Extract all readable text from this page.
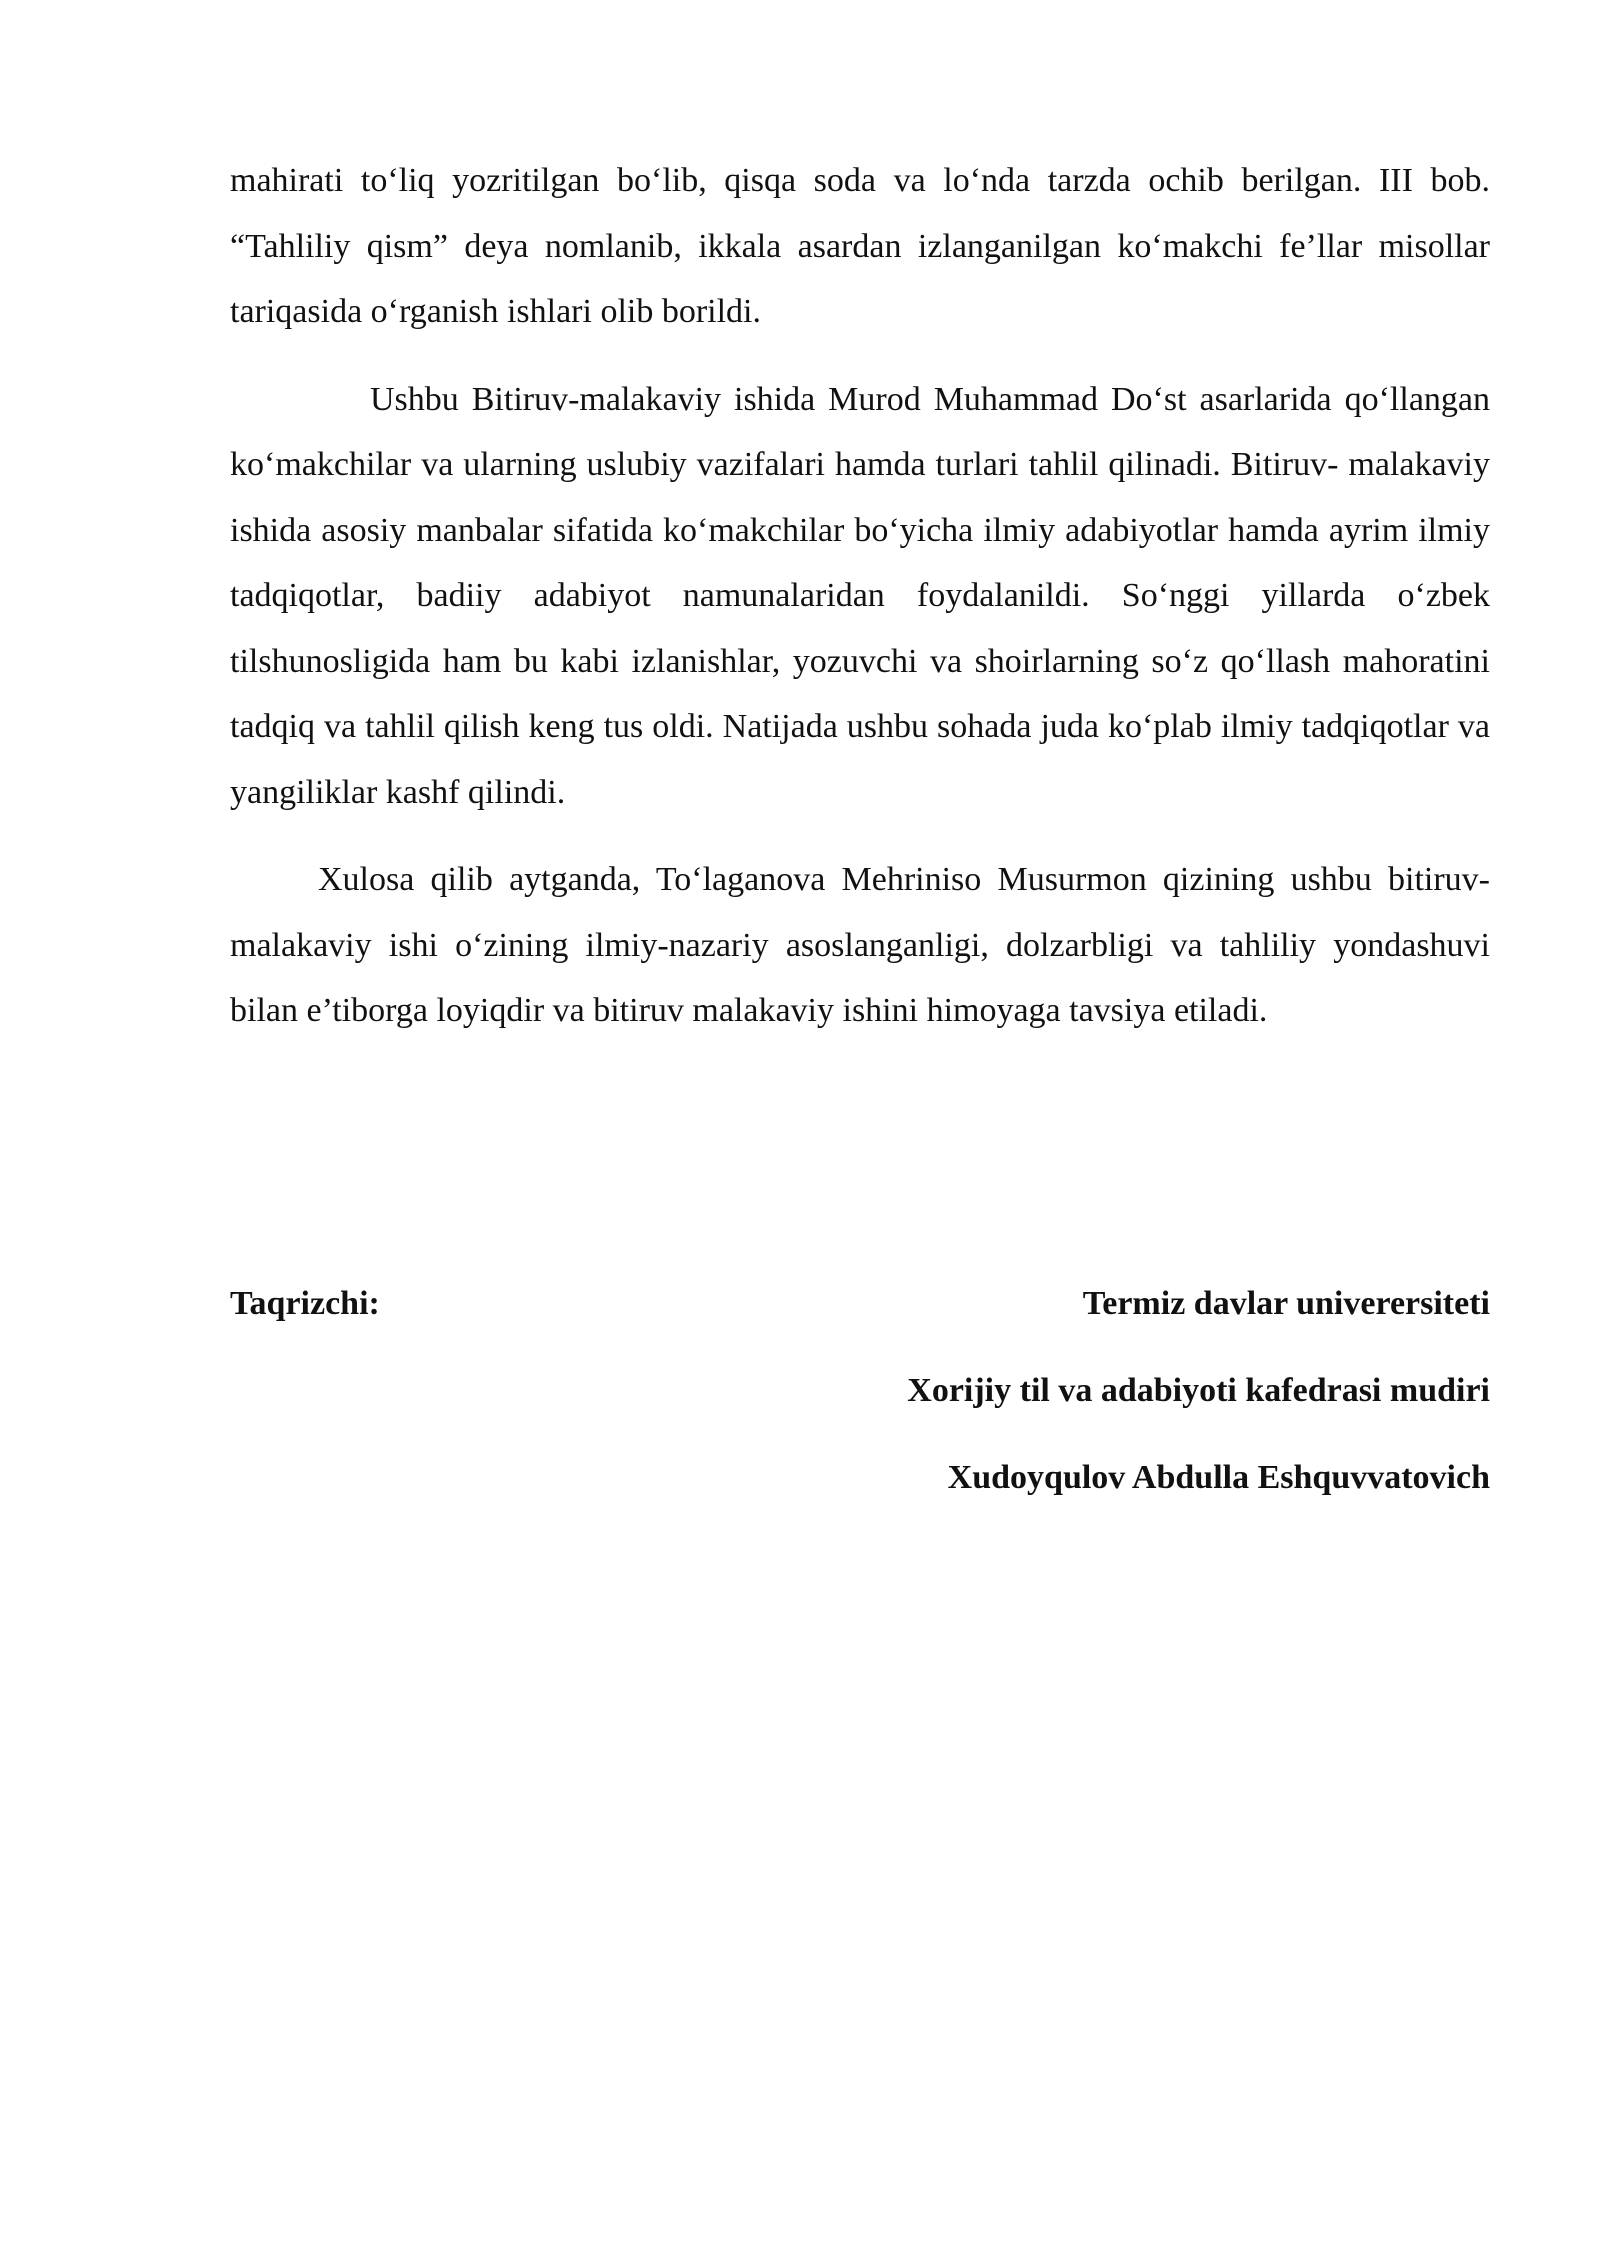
mahirati to‘liq yozritilgan bo‘lib, qisqa soda va lo‘nda tarzda ochib berilgan. III bob. “Tahliliy qism” deya nomlanib, ikkala asardan izlanganilgan ko‘makchi fe’llar misollar tariqasida o‘rganish ishlari olib borildi.

Ushbu Bitiruv-malakaviy ishida Murod Muhammad Do‘st asarlarida qo‘llangan ko‘makchilar va ularning uslubiy vazifalari hamda turlari tahlil qilinadi. Bitiruv- malakaviy ishida asosiy manbalar sifatida ko‘makchilar bo‘yicha ilmiy adabiyotlar hamda ayrim ilmiy tadqiqotlar, badiiy adabiyot namunalaridan foydalanildi. So‘nggi yillarda o‘zbek tilshunosligida ham bu kabi izlanishlar, yozuvchi va shoirlarning so‘z qo‘llash mahoratini tadqiq va tahlil qilish keng tus oldi. Natijada ushbu sohada juda ko‘plab ilmiy tadqiqotlar va yangiliklar kashf qilindi.

Xulosa qilib aytganda, To‘laganova Mehriniso Musurmon qizining ushbu bitiruv-malakaviy ishi o‘zining ilmiy-nazariy asoslanganligi, dolzarbligi va tahliliy yondashuvi bilan e’tiborga loyiqdir va bitiruv malakaviy ishini himoyaga tavsiya etiladi.

Taqrizchi:	Termiz davlar univerersiteti
Xorijiy til va adabiyoti kafedrasi mudiri
Xudoyqulov Abdulla Eshquvvatovich
